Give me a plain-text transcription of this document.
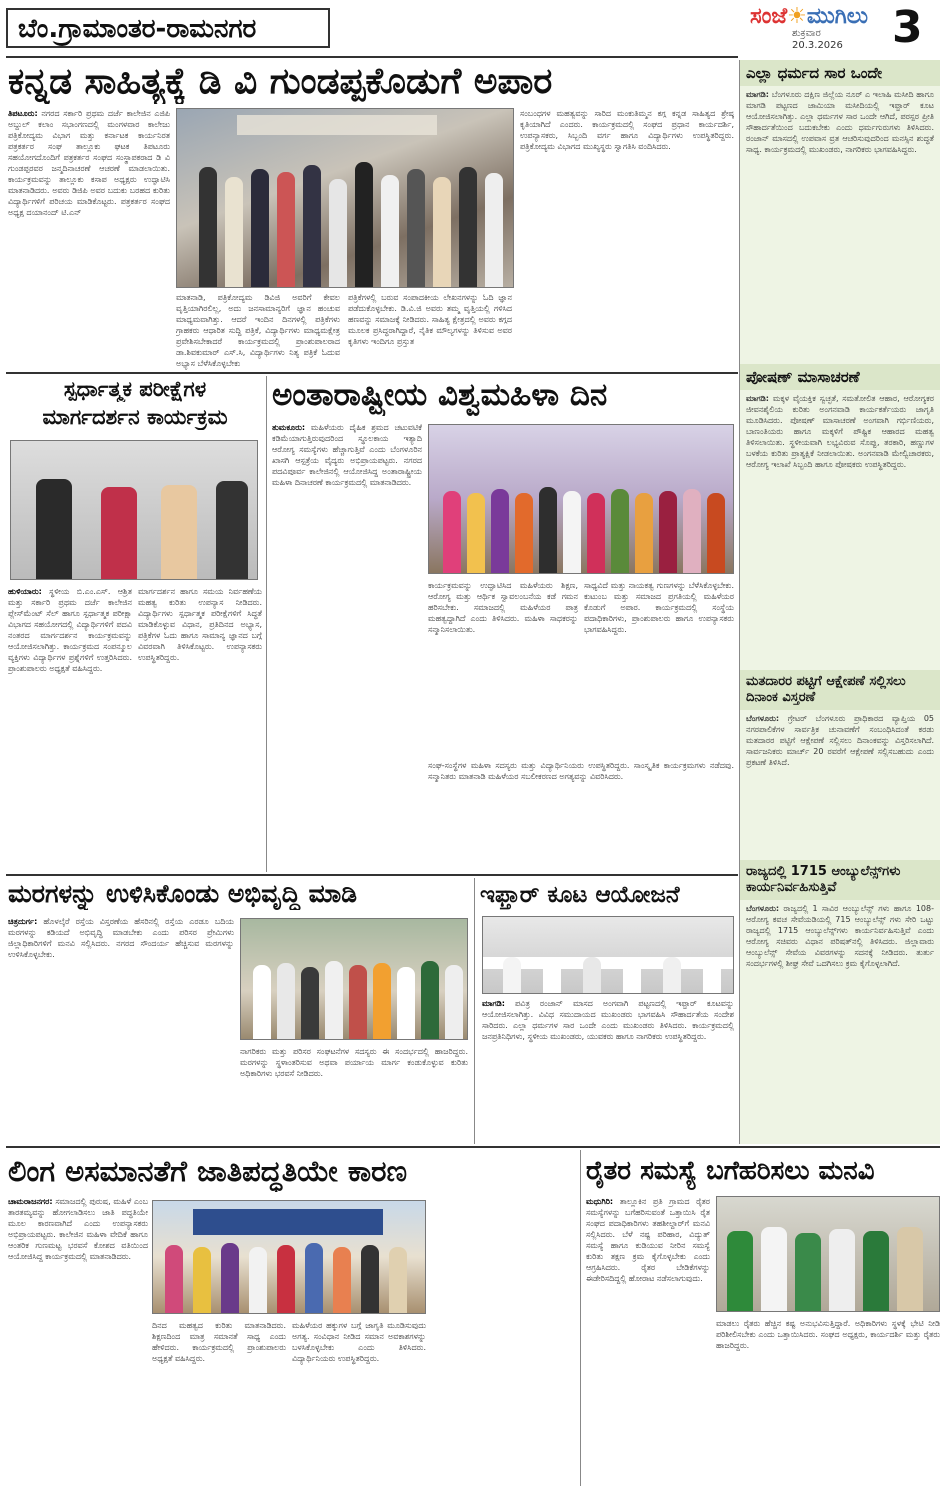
ಬೆಂ.ಗ್ರಾಮಾಂತರ-ರಾಮನಗರ	ಸಂಜೆ☀ಮುಗಿಲು
ಶುಕ್ರವಾರ
20.3.2026 3
ಕನ್ನಡ ಸಾಹಿತ್ಯಕ್ಕೆ ಡಿ ವಿ ಗುಂಡಪ್ಪಕೊಡುಗೆ ಅಪಾರ
ತಿಪಟೂರು: ನಗರದ ಸರ್ಕಾರಿ ಪ್ರಥಮ ದರ್ಜೆ ಕಾಲೇಜಿನ ಎಜಿಪಿ ಅಬ್ದುಲ್ ಕಲಾಂ ಸಭಾಂಗಣದಲ್ಲಿ ಮಂಗಳವಾರ ಕಾಲೇಜು ಪತ್ರಿಕೋದ್ಯಮ ವಿಭಾಗ ಮತ್ತು ಕರ್ನಾಟಕ ಕಾರ್ಯನಿರತ ಪತ್ರಕರ್ತರ ಸಂಘ ತಾಲ್ಲೂಕು ಘಟಕ ತಿಪಟೂರು ಸಹಯೋಗದೊಂದಿಗೆ ಪತ್ರಕರ್ತರ ಸಂಘದ ಸಂಸ್ಥಾಪಕರಾದ ಡಿ ವಿ ಗುಂಡಪ್ಪರವರ ಜನ್ಮದಿನಾಚರಣೆ ಆಚರಣೆ ಮಾಡಲಾಯಿತು. ಕಾರ್ಯಕ್ರಮವನ್ನು ತಾಲ್ಲೂಕು ಕಸಾಪ ಅಧ್ಯಕ್ಷರು ಉದ್ಘಾಟಿಸಿ ಮಾತನಾಡಿದರು. ಅವರು ಡಿಜಿಪಿ ಅವರ ಬದುಕು ಬರಹದ ಕುರಿತು ವಿದ್ಯಾರ್ಥಿಗಳಿಗೆ ಪರಿಚಯ ಮಾಡಿಕೊಟ್ಟರು. ಪತ್ರಕರ್ತರ ಸಂಘದ ಅಧ್ಯಕ್ಷ ದಯಾನಂದ್ ಟಿ.ಎನ್
ಮಾತನಾಡಿ, ಪತ್ರಿಕೋದ್ಯಮ ಡಿವಿಜಿ ಅವರಿಗೆ ಕೇವಲ ವೃತ್ತಿಯಾಗಿರಲಿಲ್ಲ, ಅದು ಜನಸಾಮಾನ್ಯರಿಗೆ ಜ್ಞಾನ ಹಂಚುವ ಮಾಧ್ಯಮವಾಗಿತ್ತು. ಆದರೆ ಇಂದಿನ ದಿನಗಳಲ್ಲಿ ಪತ್ರಿಕೆಗಳು ಗ್ರಾಹಕರು ಆಧಾರಿತ ಸುದ್ದಿ ಪತ್ರಿಕೆ, ವಿದ್ಯಾರ್ಥಿಗಳು ಮಾಧ್ಯಮಕ್ಷೇತ್ರ ಪ್ರವೇಶಿಸಬೇಕಾದರೆ ಕಾರ್ಯಕ್ರಮದಲ್ಲಿ ಪ್ರಾಂಶುಪಾಲರಾದ ಡಾ.ಶಿವಕುಮಾರ್ ಎಸ್.ಸಿ, ವಿದ್ಯಾರ್ಥಿಗಳು ನಿತ್ಯ ಪತ್ರಿಕೆ ಓದುವ ಅಭ್ಯಾಸ ಬೆಳೆಸಿಕೊಳ್ಳಬೇಕು
ಪತ್ರಿಕೆಗಳಲ್ಲಿ ಬರುವ ಸಂಪಾದಕೀಯ ಲೇಖನಗಳನ್ನು ಓದಿ ಜ್ಞಾನ ಪಡೆದುಕೊಳ್ಳಬೇಕು. ಡಿ.ವಿ.ಜಿ ಅವರು ತಮ್ಮ ವೃತ್ತಿಯಲ್ಲಿ ಗಳಿಸಿದ ಹಣವನ್ನು ಸಮಾಜಕ್ಕೆ ನೀಡಿದರು. ಸಾಹಿತ್ಯ ಕ್ಷೇತ್ರದಲ್ಲಿ ಅವರು ಕಗ್ಗದ ಮೂಲಕ ಪ್ರಸಿದ್ಧರಾಗಿದ್ದಾರೆ, ನೈತಿಕ ಮೌಲ್ಯಗಳನ್ನು ತಿಳಿಸುವ ಅವರ ಕೃತಿಗಳು ಇಂದಿಗೂ ಪ್ರಸ್ತುತ
ಸಂಬಂಧಗಳ ಮಹತ್ವವನ್ನು ಸಾರಿದ ಮಂಕುತಿಮ್ಮನ ಕಗ್ಗ ಕನ್ನಡ ಸಾಹಿತ್ಯದ ಶ್ರೇಷ್ಠ ಕೃತಿಯಾಗಿದೆ ಎಂದರು. ಕಾರ್ಯಕ್ರಮದಲ್ಲಿ ಸಂಘದ ಪ್ರಧಾನ ಕಾರ್ಯದರ್ಶಿ, ಉಪನ್ಯಾಸಕರು, ಸಿಬ್ಬಂದಿ ವರ್ಗ ಹಾಗೂ ವಿದ್ಯಾರ್ಥಿಗಳು ಉಪಸ್ಥಿತರಿದ್ದರು. ಪತ್ರಿಕೋದ್ಯಮ ವಿಭಾಗದ ಮುಖ್ಯಸ್ಥರು ಸ್ವಾಗತಿಸಿ ವಂದಿಸಿದರು.
ಸ್ಪರ್ಧಾತ್ಮಕ ಪರೀಕ್ಷೆಗಳ
ಮಾರ್ಗದರ್ಶನ ಕಾರ್ಯಕ್ರಮ
ಹುಳಿಯಾರು: ಸ್ಥಳೀಯ ಬಿ.ಎಂ.ಎಸ್. ಆಶ್ರಿತ ಮತ್ತು ಸರ್ಕಾರಿ ಪ್ರಥಮ ದರ್ಜೆ ಕಾಲೇಜಿನ ಪ್ಲೇಸ್‌ಮೆಂಟ್ ಸೆಲ್ ಹಾಗೂ ಸ್ಪರ್ಧಾತ್ಮಕ ಪರೀಕ್ಷಾ ವಿಭಾಗದ ಸಹಯೋಗದಲ್ಲಿ ವಿದ್ಯಾರ್ಥಿಗಳಿಗೆ ಪದವಿ ನಂತರದ ಮಾರ್ಗದರ್ಶನ ಕಾರ್ಯಕ್ರಮವನ್ನು ಆಯೋಜಿಸಲಾಗಿತ್ತು. ಕಾರ್ಯಕ್ರಮದ ಸಂಪನ್ಮೂಲ ವ್ಯಕ್ತಿಗಳು ವಿದ್ಯಾರ್ಥಿಗಳ ಪ್ರಶ್ನೆಗಳಿಗೆ ಉತ್ತರಿಸಿದರು. ಪ್ರಾಂಶುಪಾಲರು ಅಧ್ಯಕ್ಷತೆ ವಹಿಸಿದ್ದರು.
ಮಾರ್ಗದರ್ಶನ ಹಾಗೂ ಸಮಯ ನಿರ್ವಹಣೆಯ ಮಹತ್ವ ಕುರಿತು ಉಪನ್ಯಾಸ ನೀಡಿದರು. ವಿದ್ಯಾರ್ಥಿಗಳು ಸ್ಪರ್ಧಾತ್ಮಕ ಪರೀಕ್ಷೆಗಳಿಗೆ ಸಿದ್ಧತೆ ಮಾಡಿಕೊಳ್ಳುವ ವಿಧಾನ, ಪ್ರತಿದಿನದ ಅಭ್ಯಾಸ, ಪತ್ರಿಕೆಗಳ ಓದು ಹಾಗೂ ಸಾಮಾನ್ಯ ಜ್ಞಾನದ ಬಗ್ಗೆ ವಿವರವಾಗಿ ತಿಳಿಸಿಕೊಟ್ಟರು. ಉಪನ್ಯಾಸಕರು ಉಪಸ್ಥಿತರಿದ್ದರು.
ಅಂತಾರಾಷ್ಟ್ರೀಯ ವಿಶ್ವಮಹಿಳಾ ದಿನ
ತುಮಕೂರು: ಮಹಿಳೆಯರು ದೈಹಿಕ ಶ್ರಮದ ಚಟುವಟಿಕೆ ಕಡಿಮೆಯಾಗುತ್ತಿರುವುದರಿಂದ ಸ್ಥೂಲಕಾಯ ಇತ್ಯಾದಿ ಆರೋಗ್ಯ ಸಮಸ್ಯೆಗಳು ಹೆಚ್ಚಾಗುತ್ತಿವೆ ಎಂದು ಬೆಂಗಳೂರಿನ ಖಾಸಗಿ ಆಸ್ಪತ್ರೆಯ ವೈದ್ಯರು ಅಭಿಪ್ರಾಯಪಟ್ಟರು. ನಗರದ ಪದವಿಪೂರ್ವ ಕಾಲೇಜಿನಲ್ಲಿ ಆಯೋಜಿಸಿದ್ದ ಅಂತಾರಾಷ್ಟ್ರೀಯ ಮಹಿಳಾ ದಿನಾಚರಣೆ ಕಾರ್ಯಕ್ರಮದಲ್ಲಿ ಮಾತನಾಡಿದರು.
ಕಾರ್ಯಕ್ರಮವನ್ನು ಉದ್ಘಾಟಿಸಿದ ಮಹಿಳೆಯರು ಶಿಕ್ಷಣ, ಆರೋಗ್ಯ ಮತ್ತು ಆರ್ಥಿಕ ಸ್ವಾವಲಂಬನೆಯ ಕಡೆ ಗಮನ ಹರಿಸಬೇಕು. ಸಮಾಜದಲ್ಲಿ ಮಹಿಳೆಯರ ಪಾತ್ರ ಮಹತ್ವದ್ದಾಗಿದೆ ಎಂದು ತಿಳಿಸಿದರು. ಮಹಿಳಾ ಸಾಧಕರನ್ನು ಸನ್ಮಾನಿಸಲಾಯಿತು.
ಸಾಧ್ಯವಿದೆ ಮತ್ತು ನಾಯಕತ್ವ ಗುಣಗಳನ್ನು ಬೆಳೆಸಿಕೊಳ್ಳಬೇಕು. ಕುಟುಂಬ ಮತ್ತು ಸಮಾಜದ ಪ್ರಗತಿಯಲ್ಲಿ ಮಹಿಳೆಯರ ಕೊಡುಗೆ ಅಪಾರ. ಕಾರ್ಯಕ್ರಮದಲ್ಲಿ ಸಂಸ್ಥೆಯ ಪದಾಧಿಕಾರಿಗಳು, ಪ್ರಾಂಶುಪಾಲರು ಹಾಗೂ ಉಪನ್ಯಾಸಕರು ಭಾಗವಹಿಸಿದ್ದರು.
ಸಂಘ-ಸಂಸ್ಥೆಗಳ ಮಹಿಳಾ ಸದಸ್ಯರು ಮತ್ತು ವಿದ್ಯಾರ್ಥಿನಿಯರು ಉಪಸ್ಥಿತರಿದ್ದರು. ಸಾಂಸ್ಕೃತಿಕ ಕಾರ್ಯಕ್ರಮಗಳು ನಡೆದವು. ಸನ್ಮಾನಿತರು ಮಾತನಾಡಿ ಮಹಿಳೆಯರ ಸಬಲೀಕರಣದ ಅಗತ್ಯವನ್ನು ವಿವರಿಸಿದರು.
ಮರಗಳನ್ನು ಉಳಿಸಿಕೊಂಡು ಅಭಿವೃದ್ಧಿ ಮಾಡಿ
ಚಿತ್ರದುರ್ಗ: ಹೊಳಲ್ಕೆರೆ ರಸ್ತೆಯ ವಿಸ್ತರಣೆಯ ಹೆಸರಿನಲ್ಲಿ ರಸ್ತೆಯ ಎರಡೂ ಬದಿಯ ಮರಗಳನ್ನು ಕಡಿಯದೆ ಅಭಿವೃದ್ಧಿ ಮಾಡಬೇಕು ಎಂದು ಪರಿಸರ ಪ್ರೇಮಿಗಳು ಜಿಲ್ಲಾಧಿಕಾರಿಗಳಿಗೆ ಮನವಿ ಸಲ್ಲಿಸಿದರು. ನಗರದ ಸೌಂದರ್ಯ ಹೆಚ್ಚಿಸುವ ಮರಗಳನ್ನು ಉಳಿಸಿಕೊಳ್ಳಬೇಕು.
ನಾಗರಿಕರು ಮತ್ತು ಪರಿಸರ ಸಂಘಟನೆಗಳ ಸದಸ್ಯರು ಈ ಸಂದರ್ಭದಲ್ಲಿ ಹಾಜರಿದ್ದರು. ಮರಗಳನ್ನು ಸ್ಥಳಾಂತರಿಸುವ ಅಥವಾ ಪರ್ಯಾಯ ಮಾರ್ಗ ಕಂಡುಕೊಳ್ಳುವ ಕುರಿತು ಅಧಿಕಾರಿಗಳು ಭರವಸೆ ನೀಡಿದರು.
ಇಫ್ತಾರ್ ಕೂಟ ಆಯೋಜನೆ
ಮಾಗಡಿ: ಪವಿತ್ರ ರಂಜಾನ್ ಮಾಸದ ಅಂಗವಾಗಿ ಪಟ್ಟಣದಲ್ಲಿ ಇಫ್ತಾರ್ ಕೂಟವನ್ನು ಆಯೋಜಿಸಲಾಗಿತ್ತು. ವಿವಿಧ ಸಮುದಾಯದ ಮುಖಂಡರು ಭಾಗವಹಿಸಿ ಸೌಹಾರ್ದತೆಯ ಸಂದೇಶ ಸಾರಿದರು. ಎಲ್ಲಾ ಧರ್ಮಗಳ ಸಾರ ಒಂದೇ ಎಂದು ಮುಖಂಡರು ತಿಳಿಸಿದರು. ಕಾರ್ಯಕ್ರಮದಲ್ಲಿ ಜನಪ್ರತಿನಿಧಿಗಳು, ಸ್ಥಳೀಯ ಮುಖಂಡರು, ಯುವಕರು ಹಾಗೂ ನಾಗರಿಕರು ಉಪಸ್ಥಿತರಿದ್ದರು.
ಲಿಂಗ ಅಸಮಾನತೆಗೆ ಜಾತಿಪದ್ಧತಿಯೇ ಕಾರಣ
ಚಾಮರಾಜನಗರ: ಸಮಾಜದಲ್ಲಿ ಪುರುಷ, ಮಹಿಳೆ ಎಂಬ ತಾರತಮ್ಯವನ್ನು ಹೋಗಲಾಡಿಸಲು ಜಾತಿ ಪದ್ಧತಿಯೇ ಮೂಲ ಕಾರಣವಾಗಿದೆ ಎಂದು ಉಪನ್ಯಾಸಕರು ಅಭಿಪ್ರಾಯಪಟ್ಟರು. ಕಾಲೇಜಿನ ಮಹಿಳಾ ವೇದಿಕೆ ಹಾಗೂ ಆಂತರಿಕ ಗುಣಮಟ್ಟ ಭರವಸೆ ಕೋಶದ ವತಿಯಿಂದ ಆಯೋಜಿಸಿದ್ದ ಕಾರ್ಯಕ್ರಮದಲ್ಲಿ ಮಾತನಾಡಿದರು.
ದಿನದ ಮಹತ್ವದ ಕುರಿತು ಮಾತನಾಡಿದರು. ಶಿಕ್ಷಣದಿಂದ ಮಾತ್ರ ಸಮಾನತೆ ಸಾಧ್ಯ ಎಂದು ಹೇಳಿದರು. ಕಾರ್ಯಕ್ರಮದಲ್ಲಿ ಪ್ರಾಂಶುಪಾಲರು ಅಧ್ಯಕ್ಷತೆ ವಹಿಸಿದ್ದರು.
ಮಹಿಳೆಯರ ಹಕ್ಕುಗಳ ಬಗ್ಗೆ ಜಾಗೃತಿ ಮೂಡಿಸುವುದು ಅಗತ್ಯ. ಸಂವಿಧಾನ ನೀಡಿದ ಸಮಾನ ಅವಕಾಶಗಳನ್ನು ಬಳಸಿಕೊಳ್ಳಬೇಕು ಎಂದು ತಿಳಿಸಿದರು. ವಿದ್ಯಾರ್ಥಿನಿಯರು ಉಪಸ್ಥಿತರಿದ್ದರು.
ರೈತರ ಸಮಸ್ಯೆ ಬಗೆಹರಿಸಲು ಮನವಿ
ಮಧುಗಿರಿ: ತಾಲ್ಲೂಕಿನ ಪ್ರತಿ ಗ್ರಾಮದ ರೈತರ ಸಮಸ್ಯೆಗಳನ್ನು ಬಗೆಹರಿಸುವಂತೆ ಒತ್ತಾಯಿಸಿ ರೈತ ಸಂಘದ ಪದಾಧಿಕಾರಿಗಳು ತಹಶೀಲ್ದಾರ್‌ಗೆ ಮನವಿ ಸಲ್ಲಿಸಿದರು. ಬೆಳೆ ನಷ್ಟ ಪರಿಹಾರ, ವಿದ್ಯುತ್ ಸಮಸ್ಯೆ ಹಾಗೂ ಕುಡಿಯುವ ನೀರಿನ ಸಮಸ್ಯೆ ಕುರಿತು ತಕ್ಷಣ ಕ್ರಮ ಕೈಗೊಳ್ಳಬೇಕು ಎಂದು ಆಗ್ರಹಿಸಿದರು. ರೈತರ ಬೇಡಿಕೆಗಳನ್ನು ಈಡೇರಿಸದಿದ್ದಲ್ಲಿ ಹೋರಾಟ ನಡೆಸಲಾಗುವುದು.
ಮಾಡಲು ರೈತರು ಹೆಚ್ಚಿನ ಕಷ್ಟ ಅನುಭವಿಸುತ್ತಿದ್ದಾರೆ. ಅಧಿಕಾರಿಗಳು ಸ್ಥಳಕ್ಕೆ ಭೇಟಿ ನೀಡಿ ಪರಿಶೀಲಿಸಬೇಕು ಎಂದು ಒತ್ತಾಯಿಸಿದರು. ಸಂಘದ ಅಧ್ಯಕ್ಷರು, ಕಾರ್ಯದರ್ಶಿ ಮತ್ತು ರೈತರು ಹಾಜರಿದ್ದರು.
ಎಲ್ಲಾ ಧರ್ಮದ ಸಾರ ಒಂದೇ
ಮಾಗಡಿ: ಬೆಂಗಳೂರು ದಕ್ಷಿಣ ಜಿಲ್ಲೆಯ ನೂರ್ ಎ ಇಲಾಹಿ ಮಸೀದಿ ಹಾಗೂ ಮಾಗಡಿ ಪಟ್ಟಣದ ಜಾಮಿಯಾ ಮಸೀದಿಯಲ್ಲಿ ಇಫ್ತಾರ್ ಕೂಟ ಆಯೋಜಿಸಲಾಗಿತ್ತು. ಎಲ್ಲಾ ಧರ್ಮಗಳ ಸಾರ ಒಂದೇ ಆಗಿದೆ, ಪರಸ್ಪರ ಪ್ರೀತಿ ಸೌಹಾರ್ದತೆಯಿಂದ ಬದುಕಬೇಕು ಎಂದು ಧರ್ಮಗುರುಗಳು ತಿಳಿಸಿದರು. ರಂಜಾನ್ ಮಾಸದಲ್ಲಿ ಉಪವಾಸ ವ್ರತ ಆಚರಿಸುವುದರಿಂದ ಮನಸ್ಸಿನ ಶುದ್ಧತೆ ಸಾಧ್ಯ. ಕಾರ್ಯಕ್ರಮದಲ್ಲಿ ಮುಖಂಡರು, ನಾಗರಿಕರು ಭಾಗವಹಿಸಿದ್ದರು.
ಪೋಷಣ್ ಮಾಸಾಚರಣೆ
ಮಾಗಡಿ: ಮಕ್ಕಳ ವೈಯಕ್ತಿಕ ಸ್ವಚ್ಛತೆ, ಸಮತೋಲಿತ ಆಹಾರ, ಆರೋಗ್ಯಕರ ಜೀವನಶೈಲಿಯ ಕುರಿತು ಅಂಗನವಾಡಿ ಕಾರ್ಯಕರ್ತೆಯರು ಜಾಗೃತಿ ಮೂಡಿಸಿದರು. ಪೋಷಣ್ ಮಾಸಾಚರಣೆ ಅಂಗವಾಗಿ ಗರ್ಭಿಣಿಯರು, ಬಾಣಂತಿಯರು ಹಾಗೂ ಮಕ್ಕಳಿಗೆ ಪೌಷ್ಟಿಕ ಆಹಾರದ ಮಹತ್ವ ತಿಳಿಸಲಾಯಿತು. ಸ್ಥಳೀಯವಾಗಿ ಲಭ್ಯವಿರುವ ಸೊಪ್ಪು, ತರಕಾರಿ, ಹಣ್ಣುಗಳ ಬಳಕೆಯ ಕುರಿತು ಪ್ರಾತ್ಯಕ್ಷಿಕೆ ನೀಡಲಾಯಿತು. ಅಂಗನವಾಡಿ ಮೇಲ್ವಿಚಾರಕರು, ಆರೋಗ್ಯ ಇಲಾಖೆ ಸಿಬ್ಬಂದಿ ಹಾಗೂ ಪೋಷಕರು ಉಪಸ್ಥಿತರಿದ್ದರು.
ಮತದಾರರ ಪಟ್ಟಿಗೆ ಆಕ್ಷೇಪಣೆ ಸಲ್ಲಿಸಲು ದಿನಾಂಕ ವಿಸ್ತರಣೆ
ಬೆಂಗಳೂರು: ಗ್ರೇಟರ್ ಬೆಂಗಳೂರು ಪ್ರಾಧಿಕಾರದ ವ್ಯಾಪ್ತಿಯ 05 ನಗರಪಾಲಿಕೆಗಳ ಸಾರ್ವತ್ರಿಕ ಚುನಾವಣೆಗೆ ಸಂಬಂಧಿಸಿದಂತೆ ಕರಡು ಮತದಾರರ ಪಟ್ಟಿಗೆ ಆಕ್ಷೇಪಣೆ ಸಲ್ಲಿಸಲು ದಿನಾಂಕವನ್ನು ವಿಸ್ತರಿಸಲಾಗಿದೆ. ಸಾರ್ವಜನಿಕರು ಮಾರ್ಚ್ 20 ರವರೆಗೆ ಆಕ್ಷೇಪಣೆ ಸಲ್ಲಿಸಬಹುದು ಎಂದು ಪ್ರಕಟಣೆ ತಿಳಿಸಿದೆ.
ರಾಜ್ಯದಲ್ಲಿ 1715 ಆಂಬ್ಯುಲೆನ್ಸ್‌ಗಳು ಕಾರ್ಯನಿರ್ವಹಿಸುತ್ತಿವೆ
ಬೆಂಗಳೂರು: ರಾಜ್ಯದಲ್ಲಿ 1 ಸಾವಿರ ಆಂಬ್ಯುಲೆನ್ಸ್ ಗಳು ಹಾಗೂ 108-ಆರೋಗ್ಯ ಕವಚ ಸೇವೆಯಡಿಯಲ್ಲಿ 715 ಆಂಬ್ಯುಲೆನ್ಸ್ ಗಳು ಸೇರಿ ಒಟ್ಟು ರಾಜ್ಯದಲ್ಲಿ 1715 ಆಂಬ್ಯುಲೆನ್ಸ್‌ಗಳು ಕಾರ್ಯನಿರ್ವಹಿಸುತ್ತಿವೆ ಎಂದು ಆರೋಗ್ಯ ಸಚಿವರು ವಿಧಾನ ಪರಿಷತ್‌ನಲ್ಲಿ ತಿಳಿಸಿದರು. ಜಿಲ್ಲಾವಾರು ಆಂಬ್ಯುಲೆನ್ಸ್ ಸೇವೆಯ ವಿವರಗಳನ್ನು ಸದನಕ್ಕೆ ನೀಡಿದರು. ತುರ್ತು ಸಂದರ್ಭಗಳಲ್ಲಿ ಶೀಘ್ರ ಸೇವೆ ಒದಗಿಸಲು ಕ್ರಮ ಕೈಗೊಳ್ಳಲಾಗಿದೆ.
